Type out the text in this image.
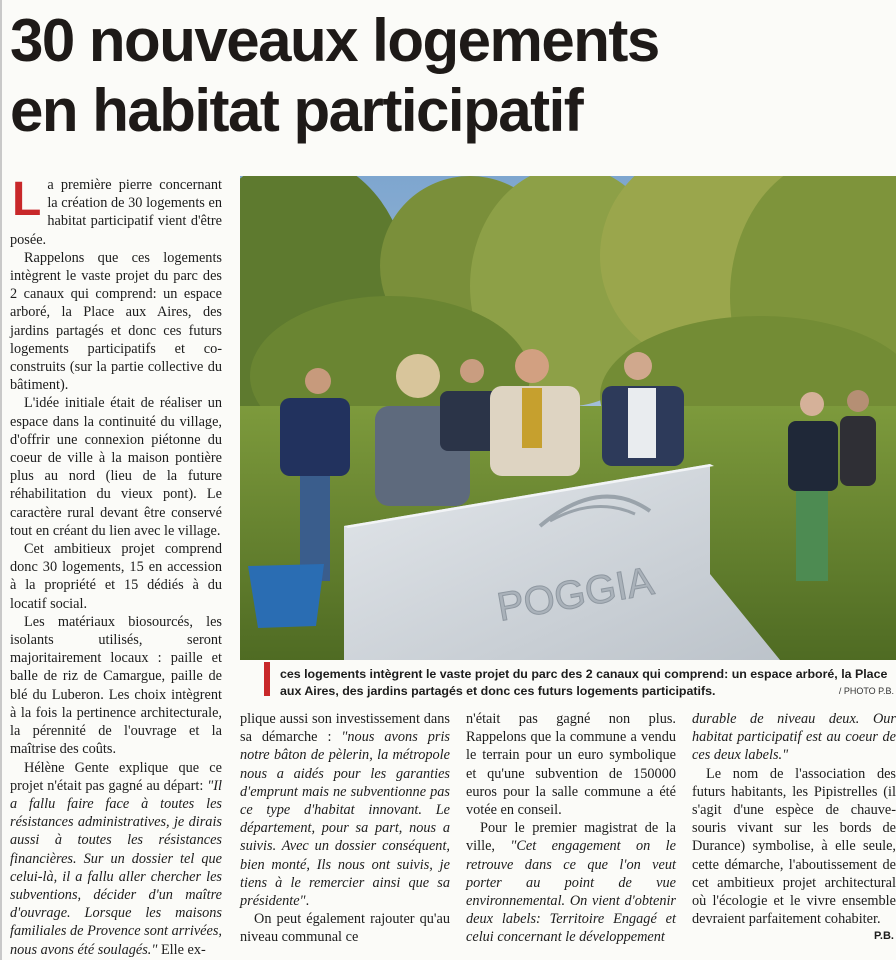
30 nouveaux logements
en habitat participatif

La première pierre concernant la création de 30 logements en habitat participatif vient d'être posée.

Rappelons que ces logements intègrent le vaste projet du parc des 2 canaux qui comprend: un espace arboré, la Place aux Aires, des jardins partagés et donc ces futurs logements participatifs et co-construits (sur la partie collective du bâtiment).

L'idée initiale était de réaliser un espace dans la continuité du village, d'offrir une connexion piétonne du coeur de ville à la maison pontière plus au nord (lieu de la future réhabilitation du vieux pont). Le caractère rural devant être conservé tout en créant du lien avec le village.

Cet ambitieux projet comprend donc 30 logements, 15 en accession à la propriété et 15 dédiés à du locatif social.

Les matériaux biosourcés, les isolants utilisés, seront majoritairement locaux : paille et balle de riz de Camargue, paille de blé du Luberon. Les choix intègrent à la fois la pertinence architecturale, la pérennité de l'ouvrage et la maîtrise des coûts.

Hélène Gente explique que ce projet n'était pas gagné au départ: "Il a fallu faire face à toutes les résistances administratives, je dirais aussi à toutes les résistances financières. Sur un dossier tel que celui-là, il a fallu aller chercher les subventions, décider d'un maître d'ouvrage. Lorsque les maisons familiales de Provence sont arrivées, nous avons été soulagés." Elle ex-

POGGIA
ces logements intègrent le vaste projet du parc des 2 canaux qui comprend: un espace arboré, la Place aux Aires, des jardins partagés et donc ces futurs logements participatifs.	/ PHOTO P.B.

plique aussi son investissement dans sa démarche : "nous avons pris notre bâton de pèlerin, la métropole nous a aidés pour les garanties d'emprunt mais ne subventionne pas ce type d'habitat innovant. Le département, pour sa part, nous a suivis. Avec un dossier conséquent, bien monté, Ils nous ont suivis, je tiens à le remercier ainsi que sa présidente".

On peut également rajouter qu'au niveau communal ce

n'était pas gagné non plus. Rappelons que la commune a vendu le terrain pour un euro symbolique et qu'une subvention de 150000 euros pour la salle commune a été votée en conseil.

Pour le premier magistrat de la ville, "Cet engagement on le retrouve dans ce que l'on veut porter au point de vue environnemental. On vient d'obtenir deux labels: Territoire Engagé et celui concernant le développement

durable de niveau deux. Our habitat participatif est au coeur de ces deux labels."

Le nom de l'association des futurs habitants, les Pipistrelles (il s'agit d'une espèce de chauve-souris vivant sur les bords de Durance) symbolise, à elle seule, cette démarche, l'aboutissement de cet ambitieux projet architectural où l'écologie et le vivre ensemble devraient parfaitement cohabiter.

P.B.
